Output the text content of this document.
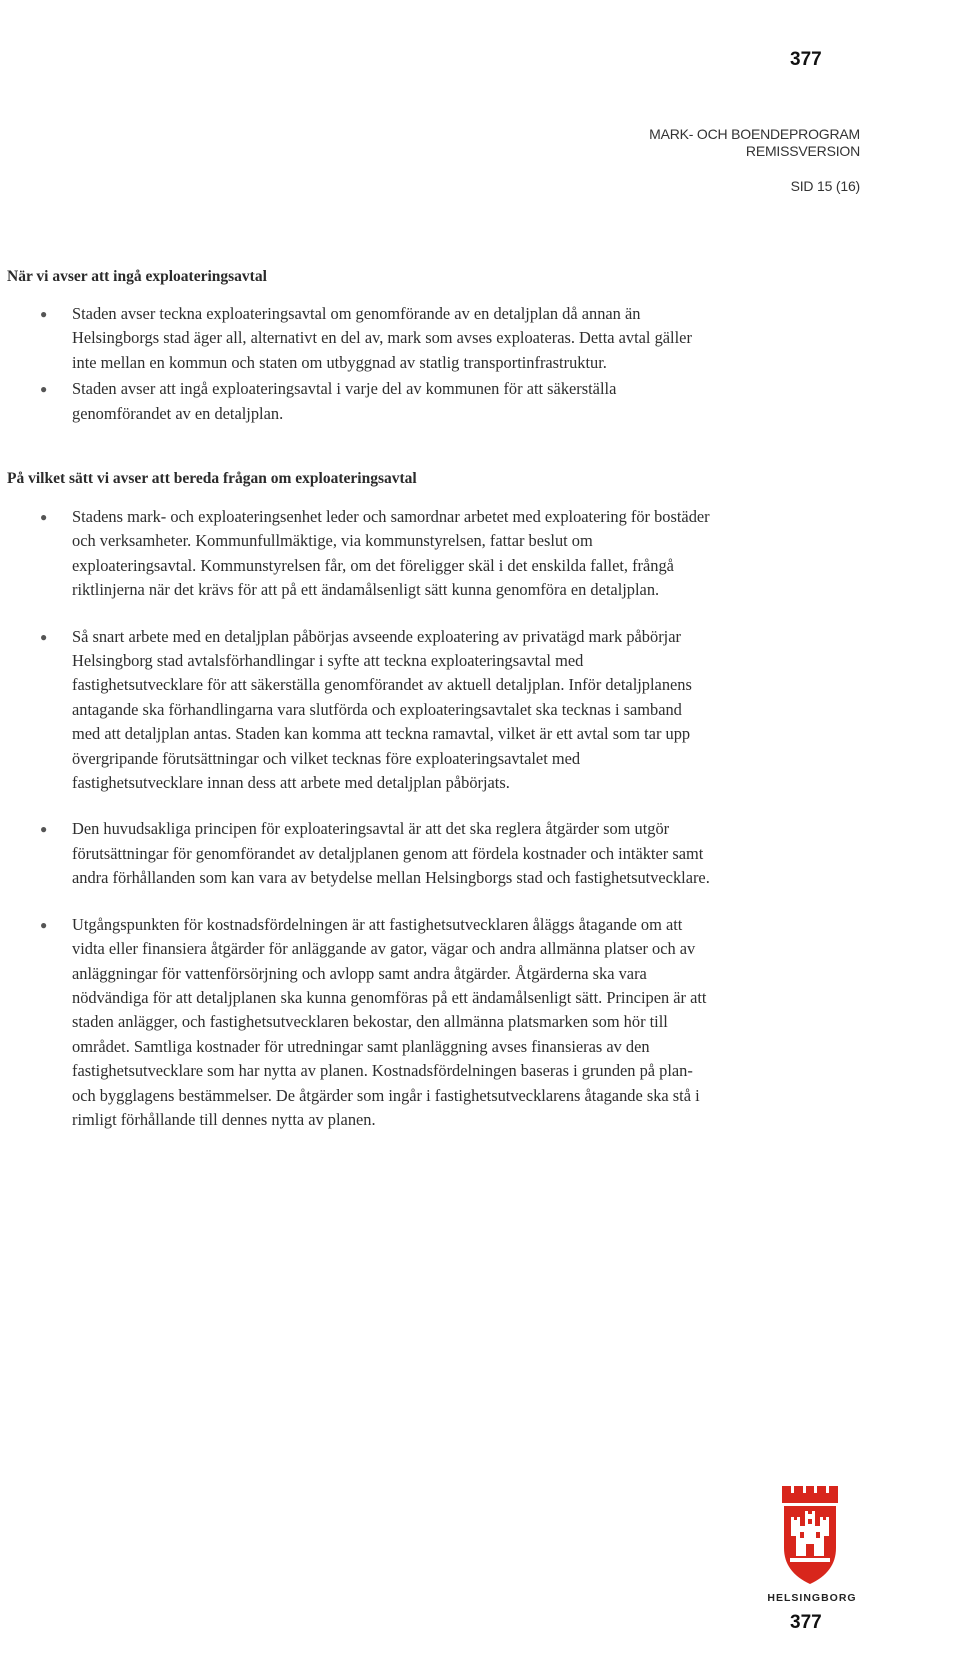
377
MARK- OCH BOENDEPROGRAM
REMISSVERSION
SID 15 (16)
När vi avser att ingå exploateringsavtal
● Staden avser teckna exploateringsavtal om genomförande av en detaljplan då annan än Helsingborgs stad äger all, alternativt en del av, mark som avses exploateras. Detta avtal gäller inte mellan en kommun och staten om utbyggnad av statlig transportinfrastruktur.
● Staden avser att ingå exploateringsavtal i varje del av kommunen för att säkerställa genomförandet av en detaljplan.
På vilket sätt vi avser att bereda frågan om exploateringsavtal
● Stadens mark- och exploateringsenhet leder och samordnar arbetet med exploatering för bostäder och verksamheter. Kommunfullmäktige, via kommunstyrelsen, fattar beslut om exploateringsavtal. Kommunstyrelsen får, om det föreligger skäl i det enskilda fallet, frångå riktlinjerna när det krävs för att på ett ändamålsenligt sätt kunna genomföra en detaljplan.
● Så snart arbete med en detaljplan påbörjas avseende exploatering av privatägd mark påbörjar Helsingborg stad avtalsförhandlingar i syfte att teckna exploateringsavtal med fastighetsutvecklare för att säkerställa genomförandet av aktuell detaljplan. Inför detaljplanens antagande ska förhandlingarna vara slutförda och exploateringsavtalet ska tecknas i samband med att detaljplan antas. Staden kan komma att teckna ramavtal, vilket är ett avtal som tar upp övergripande förutsättningar och vilket tecknas före exploateringsavtalet med fastighetsutvecklare innan dess att arbete med detaljplan påbörjats.
● Den huvudsakliga principen för exploateringsavtal är att det ska reglera åtgärder som utgör förutsättningar för genomförandet av detaljplanen genom att fördela kostnader och intäkter samt andra förhållanden som kan vara av betydelse mellan Helsingborgs stad och fastighetsutvecklare.
● Utgångspunkten för kostnadsfördelningen är att fastighetsutvecklaren åläggs åtagande om att vidta eller finansiera åtgärder för anläggande av gator, vägar och andra allmänna platser och av anläggningar för vattenförsörjning och avlopp samt andra åtgärder. Åtgärderna ska vara nödvändiga för att detaljplanen ska kunna genomföras på ett ändamålsenligt sätt. Principen är att staden anlägger, och fastighetsutvecklaren bekostar, den allmänna platsmarken som hör till området. Samtliga kostnader för utredningar samt planläggning avses finansieras av den fastighetsutvecklare som har nytta av planen. Kostnadsfördelningen baseras i grunden på plan- och bygglagens bestämmelser. De åtgärder som ingår i fastighetsutvecklarens åtagande ska stå i rimligt förhållande till dennes nytta av planen.
HELSINGBORG
377
